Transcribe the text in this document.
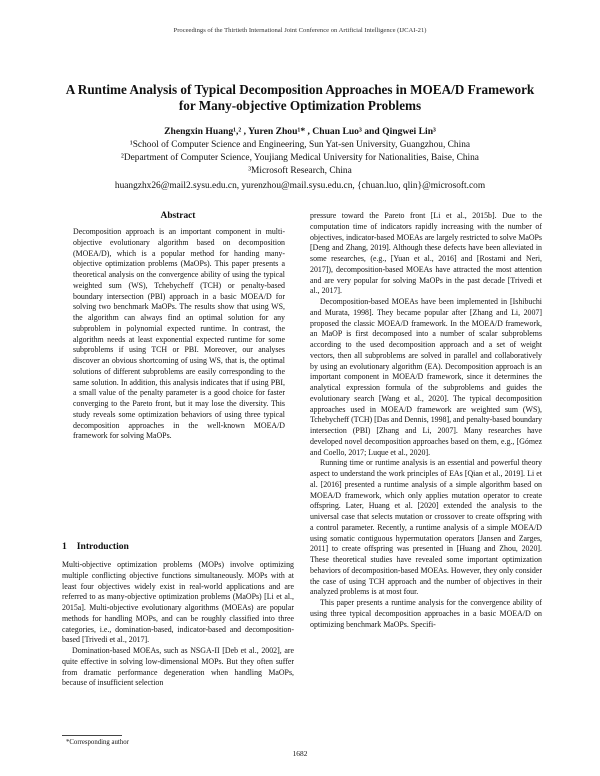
Proceedings of the Thirtieth International Joint Conference on Artificial Intelligence (IJCAI-21)
A Runtime Analysis of Typical Decomposition Approaches in MOEA/D Framework for Many-objective Optimization Problems
Zhengxin Huang¹,² , Yuren Zhou¹* , Chuan Luo³ and Qingwei Lin³
¹School of Computer Science and Engineering, Sun Yat-sen University, Guangzhou, China
²Department of Computer Science, Youjiang Medical University for Nationalities, Baise, China
³Microsoft Research, China
huangzhx26@mail2.sysu.edu.cn, yurenzhou@mail.sysu.edu.cn, {chuan.luo, qlin}@microsoft.com
Abstract
Decomposition approach is an important component in multi-objective evolutionary algorithm based on decomposition (MOEA/D), which is a popular method for handing many-objective optimization problems (MaOPs). This paper presents a theoretical analysis on the convergence ability of using the typical weighted sum (WS), Tchebycheff (TCH) or penalty-based boundary intersection (PBI) approach in a basic MOEA/D for solving two benchmark MaOPs. The results show that using WS, the algorithm can always find an optimal solution for any subproblem in polynomial expected runtime. In contrast, the algorithm needs at least exponential expected runtime for some subproblems if using TCH or PBI. Moreover, our analyses discover an obvious shortcoming of using WS, that is, the optimal solutions of different subproblems are easily corresponding to the same solution. In addition, this analysis indicates that if using PBI, a small value of the penalty parameter is a good choice for faster converging to the Pareto front, but it may lose the diversity. This study reveals some optimization behaviors of using three typical decomposition approaches in the well-known MOEA/D framework for solving MaOPs.
1 Introduction

Multi-objective optimization problems (MOPs) involve optimizing multiple conflicting objective functions simultaneously. MOPs with at least four objectives widely exist in real-world applications and are referred to as many-objective optimization problems (MaOPs) [Li et al., 2015a]. Multi-objective evolutionary algorithms (MOEAs) are popular methods for handling MOPs, and can be roughly classified into three categories, i.e., domination-based, indicator-based and decomposition-based [Trivedi et al., 2017].

Domination-based MOEAs, such as NSGA-II [Deb et al., 2002], are quite effective in solving low-dimensional MOPs. But they often suffer from dramatic performance degeneration when handling MaOPs, because of insufficient selection

pressure toward the Pareto front [Li et al., 2015b]. Due to the computation time of indicators rapidly increasing with the number of objectives, indicator-based MOEAs are largely restricted to solve MaOPs [Deng and Zhang, 2019]. Although these defects have been alleviated in some researches, (e.g., [Yuan et al., 2016] and [Rostami and Neri, 2017]), decomposition-based MOEAs have attracted the most attention and are very popular for solving MaOPs in the past decade [Trivedi et al., 2017].

Decomposition-based MOEAs have been implemented in [Ishibuchi and Murata, 1998]. They became popular after [Zhang and Li, 2007] proposed the classic MOEA/D framework. In the MOEA/D framework, an MaOP is first decomposed into a number of scalar subproblems according to the used decomposition approach and a set of weight vectors, then all subproblems are solved in parallel and collaboratively by using an evolutionary algorithm (EA). Decomposition approach is an important component in MOEA/D framework, since it determines the analytical expression formula of the subproblems and guides the evolutionary search [Wang et al., 2020]. The typical decomposition approaches used in MOEA/D framework are weighted sum (WS), Tchebycheff (TCH) [Das and Dennis, 1998], and penalty-based boundary intersection (PBI) [Zhang and Li, 2007]. Many researches have developed novel decomposition approaches based on them, e.g., [Gómez and Coello, 2017; Luque et al., 2020].

Running time or runtime analysis is an essential and powerful theory aspect to understand the work principles of EAs [Qian et al., 2019]. Li et al. [2016] presented a runtime analysis of a simple algorithm based on MOEA/D framework, which only applies mutation operator to create offspring. Later, Huang et al. [2020] extended the analysis to the universal case that selects mutation or crossover to create offspring with a control parameter. Recently, a runtime analysis of a simple MOEA/D using somatic contiguous hypermutation operators [Jansen and Zarges, 2011] to create offspring was presented in [Huang and Zhou, 2020]. These theoretical studies have revealed some important optimization behaviors of decomposition-based MOEAs. However, they only consider the case of using TCH approach and the number of objectives in their analyzed problems is at most four.

This paper presents a runtime analysis for the convergence ability of using three typical decomposition approaches in a basic MOEA/D on optimizing benchmark MaOPs. Specifi-

*Corresponding author
1682
